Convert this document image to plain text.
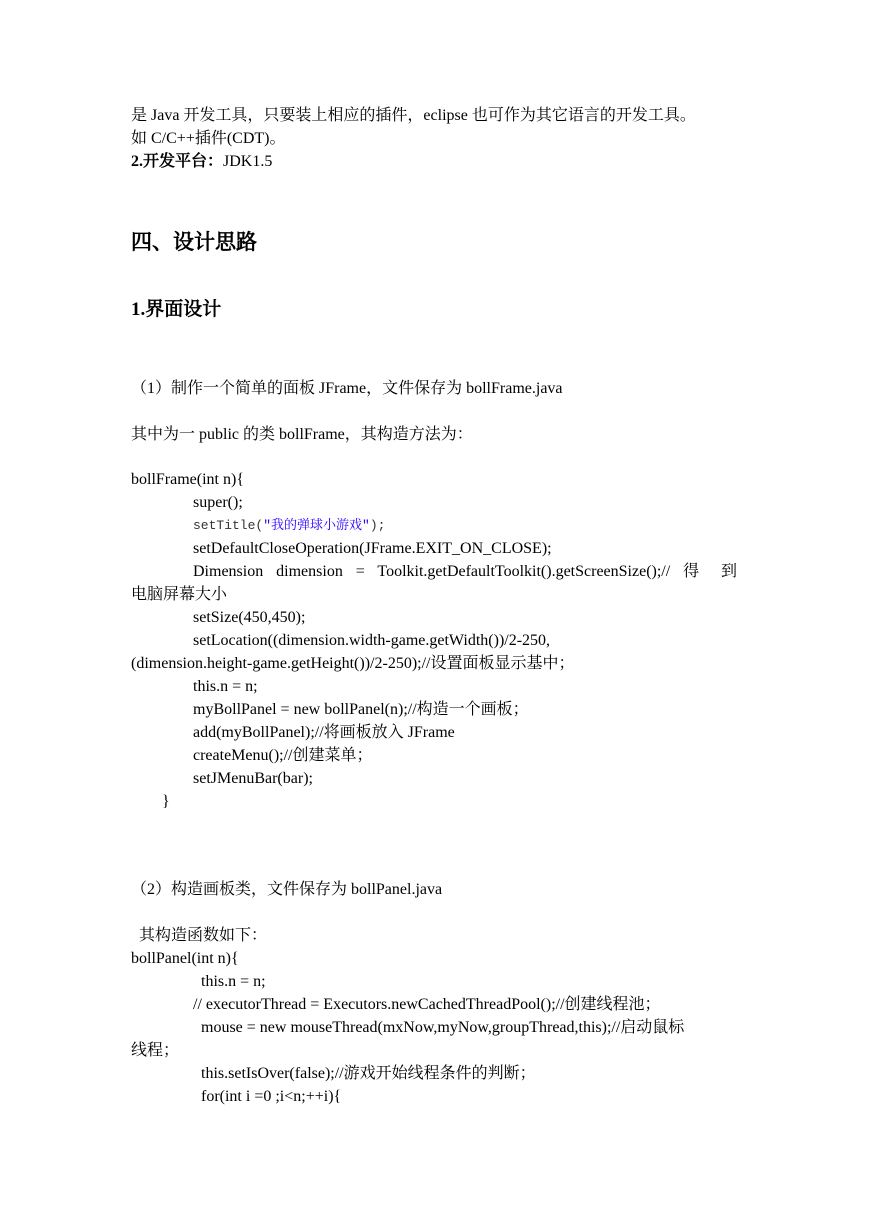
是 Java 开发工具，只要装上相应的插件，eclipse 也可作为其它语言的开发工具。
如 C/C++插件(CDT)。
2.开发平台：JDK1.5
四、设计思路
1.界面设计
（1）制作一个简单的面板 JFrame，文件保存为 bollFrame.java
其中为一 public 的类 bollFrame，其构造方法为：
bollFrame(int n){
super();
setTitle("我的弹球小游戏");
setDefaultCloseOperation(JFrame.EXIT_ON_CLOSE);
Dimension dimension = Toolkit.getDefaultToolkit().getScreenSize();// 得 到
电脑屏幕大小
setSize(450,450);
setLocation((dimension.width-game.getWidth())/2-250,
(dimension.height-game.getHeight())/2-250);//设置面板显示基中；
this.n = n;
myBollPanel = new bollPanel(n);//构造一个画板；
add(myBollPanel);//将画板放入 JFrame
createMenu();//创建菜单；
setJMenuBar(bar);
}
（2）构造画板类，文件保存为 bollPanel.java
其构造函数如下：
bollPanel(int n){
this.n = n;
// executorThread = Executors.newCachedThreadPool();//创建线程池；
mouse = new mouseThread(mxNow,myNow,groupThread,this);//启动鼠标
线程；
this.setIsOver(false);//游戏开始线程条件的判断；
for(int i =0 ;i<n;++i){
